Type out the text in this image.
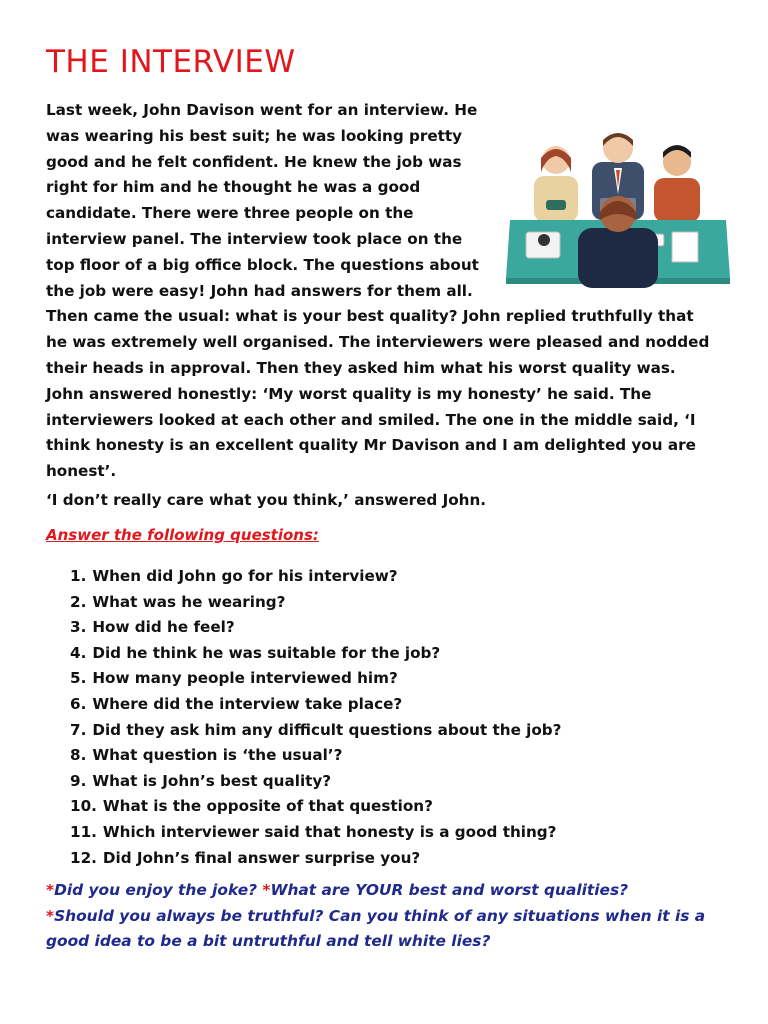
THE INTERVIEW

Last week, John Davison went for an interview. He was wearing his best suit; he was looking pretty good and he felt confident. He knew the job was right for him and he thought he was a good candidate. There were three people on the interview panel. The interview took place on the top floor of a big office block. The questions about the job were easy! John had answers for them all. Then came the usual: what is your best quality? John replied truthfully that he was extremely well organised. The interviewers were pleased and nodded their heads in approval. Then they asked him what his worst quality was. John answered honestly: ‘My worst quality is my honesty’ he said. The interviewers looked at each other and smiled. The one in the middle said, ‘I think honesty is an excellent quality Mr Davison and I am delighted you are honest’.

‘I don’t really care what you think,’ answered John.

Answer the following questions:

1. When did John go for his interview?
2. What was he wearing?
3. How did he feel?
4. Did he think he was suitable for the job?
5. How many people interviewed him?
6. Where did the interview take place?
7. Did they ask him any difficult questions about the job?
8. What question is ‘the usual’?
9. What is John’s best quality?
10. What is the opposite of that question?
11. Which interviewer said that honesty is a good thing?
12. Did John’s final answer surprise you?

*Did you enjoy the joke? *What are YOUR best and worst qualities?
*Should you always be truthful? Can you think of any situations when it is a good idea to be a bit untruthful and tell white lies?
